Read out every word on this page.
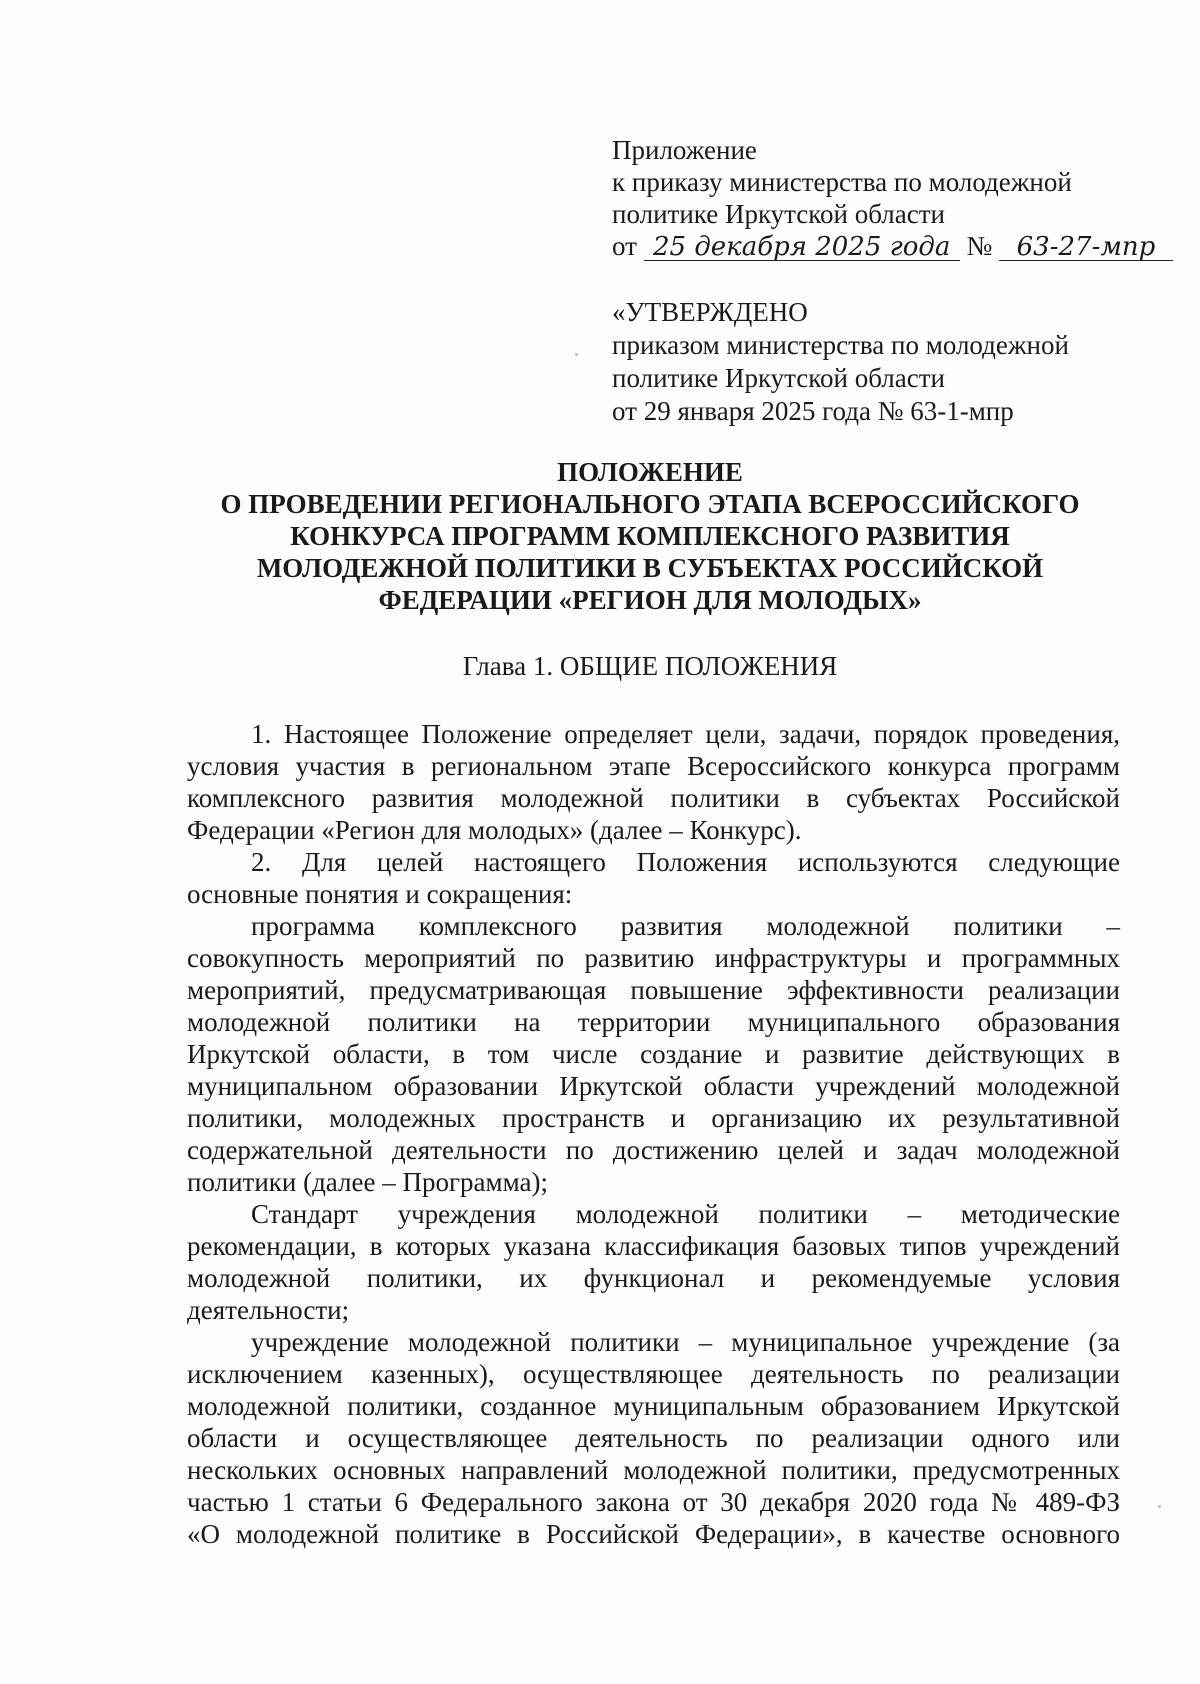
Приложение
к приказу министерства по молодежной
политике Иркутской области
от 25 декабря 2025 года № 63-27-мпр
«УТВЕРЖДЕНО
приказом министерства по молодежной
политике Иркутской области
от 29 января 2025 года № 63-1-мпр
ПОЛОЖЕНИЕ
О ПРОВЕДЕНИИ РЕГИОНАЛЬНОГО ЭТАПА ВСЕРОССИЙСКОГО
КОНКУРСА ПРОГРАММ КОМПЛЕКСНОГО РАЗВИТИЯ
МОЛОДЕЖНОЙ ПОЛИТИКИ В СУБЪЕКТАХ РОССИЙСКОЙ
ФЕДЕРАЦИИ «РЕГИОН ДЛЯ МОЛОДЫХ»
Глава 1. ОБЩИЕ ПОЛОЖЕНИЯ
1. Настоящее Положение определяет цели, задачи, порядок проведения,
условия участия в региональном этапе Всероссийского конкурса программ
комплексного развития молодежной политики в субъектах Российской
Федерации «Регион для молодых» (далее – Конкурс).
2. Для целей настоящего Положения используются следующие
основные понятия и сокращения:
программа комплексного развития молодежной политики –
совокупность мероприятий по развитию инфраструктуры и программных
мероприятий, предусматривающая повышение эффективности реализации
молодежной политики на территории муниципального образования
Иркутской области, в том числе создание и развитие действующих в
муниципальном образовании Иркутской области учреждений молодежной
политики, молодежных пространств и организацию их результативной
содержательной деятельности по достижению целей и задач молодежной
политики (далее – Программа);
Стандарт учреждения молодежной политики – методические
рекомендации, в которых указана классификация базовых типов учреждений
молодежной политики, их функционал и рекомендуемые условия
деятельности;
учреждение молодежной политики – муниципальное учреждение (за
исключением казенных), осуществляющее деятельность по реализации
молодежной политики, созданное муниципальным образованием Иркутской
области и осуществляющее деятельность по реализации одного или
нескольких основных направлений молодежной политики, предусмотренных
частью 1 статьи 6 Федерального закона от 30 декабря 2020 года № 489-ФЗ
«О молодежной политике в Российской Федерации», в качестве основного
